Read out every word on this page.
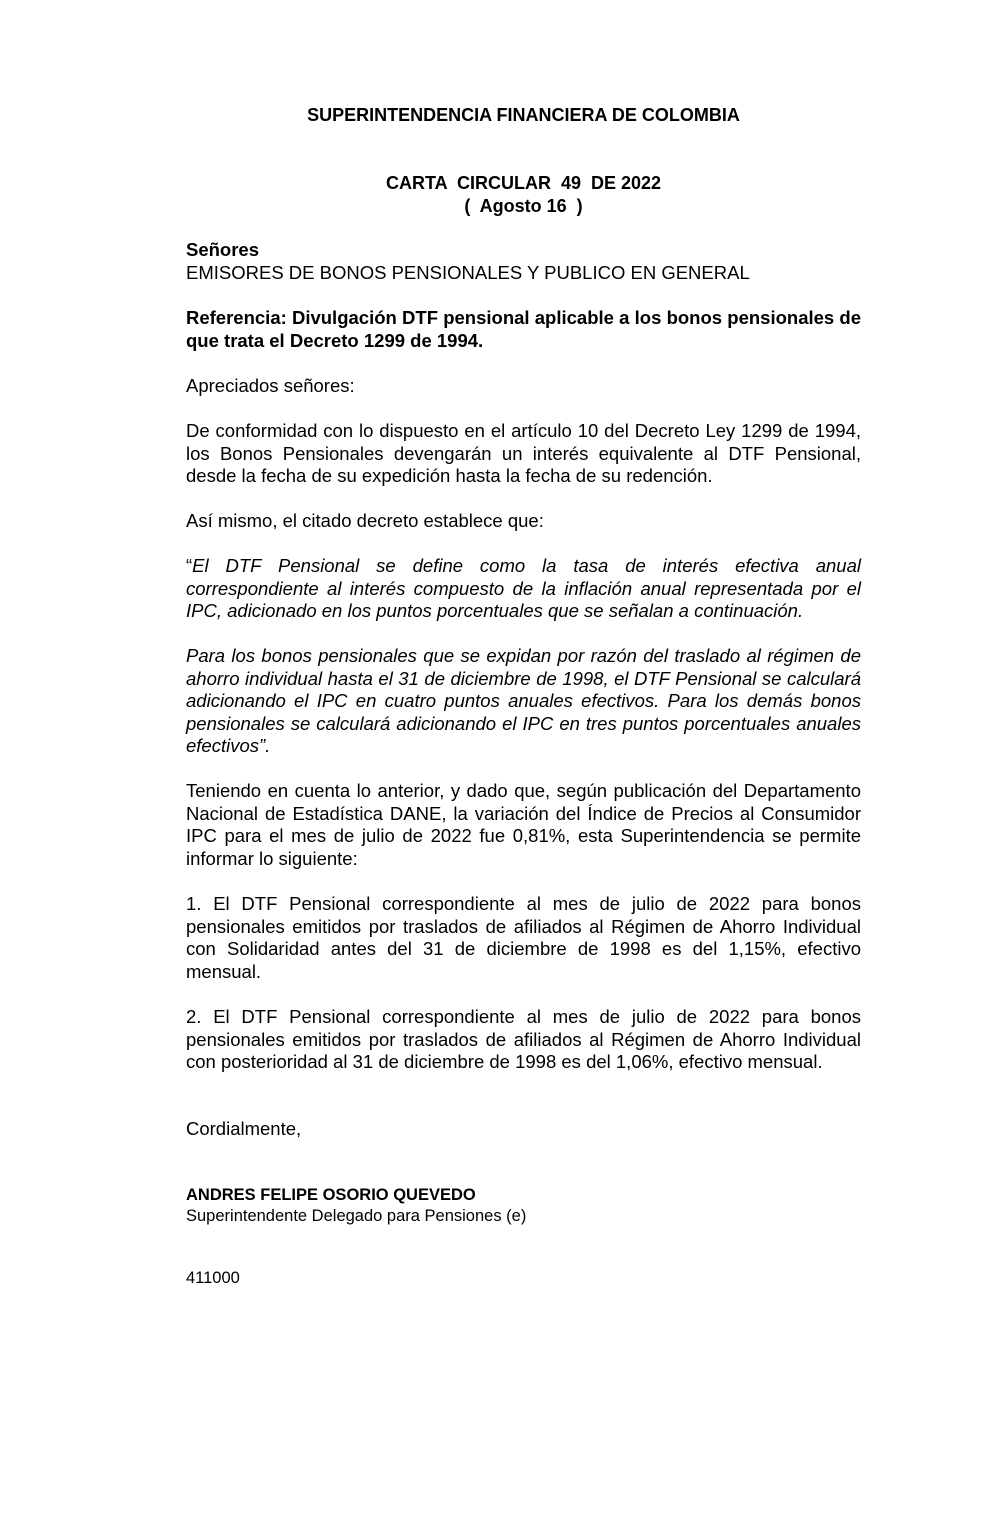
SUPERINTENDENCIA FINANCIERA DE COLOMBIA
CARTA  CIRCULAR  49  DE 2022
(  Agosto 16  )
Señores
EMISORES DE BONOS PENSIONALES Y PUBLICO EN GENERAL
Referencia: Divulgación DTF pensional aplicable a los bonos pensionales de que trata el Decreto 1299 de 1994.
Apreciados señores:
De conformidad con lo dispuesto en el artículo 10 del Decreto Ley 1299 de 1994, los Bonos Pensionales devengarán un interés equivalente al DTF Pensional, desde la fecha de su expedición hasta la fecha de su redención.
Así mismo, el citado decreto establece que:
“El DTF Pensional se define como la tasa de interés efectiva anual correspondiente al interés compuesto de la inflación anual representada por el IPC, adicionado en los puntos porcentuales que se señalan a continuación.
Para los bonos pensionales que se expidan por razón del traslado al régimen de ahorro individual hasta el 31 de diciembre de 1998, el DTF Pensional se calculará adicionando el IPC en cuatro puntos anuales efectivos. Para los demás bonos pensionales se calculará adicionando el IPC en tres puntos porcentuales anuales efectivos”.
Teniendo en cuenta lo anterior, y dado que, según publicación del Departamento Nacional de Estadística DANE, la variación del Índice de Precios al Consumidor IPC para el mes de julio de 2022 fue 0,81%, esta Superintendencia se permite informar lo siguiente:
1. El DTF Pensional correspondiente al mes de julio de 2022 para bonos pensionales emitidos por traslados de afiliados al Régimen de Ahorro Individual con Solidaridad antes del 31 de diciembre de 1998 es del 1,15%, efectivo mensual.
2. El DTF Pensional correspondiente al mes de julio de 2022 para bonos pensionales emitidos por traslados de afiliados al Régimen de Ahorro Individual con posterioridad al 31 de diciembre de 1998 es del 1,06%, efectivo mensual.
Cordialmente,
ANDRES FELIPE OSORIO QUEVEDO
Superintendente Delegado para Pensiones (e)
411000
